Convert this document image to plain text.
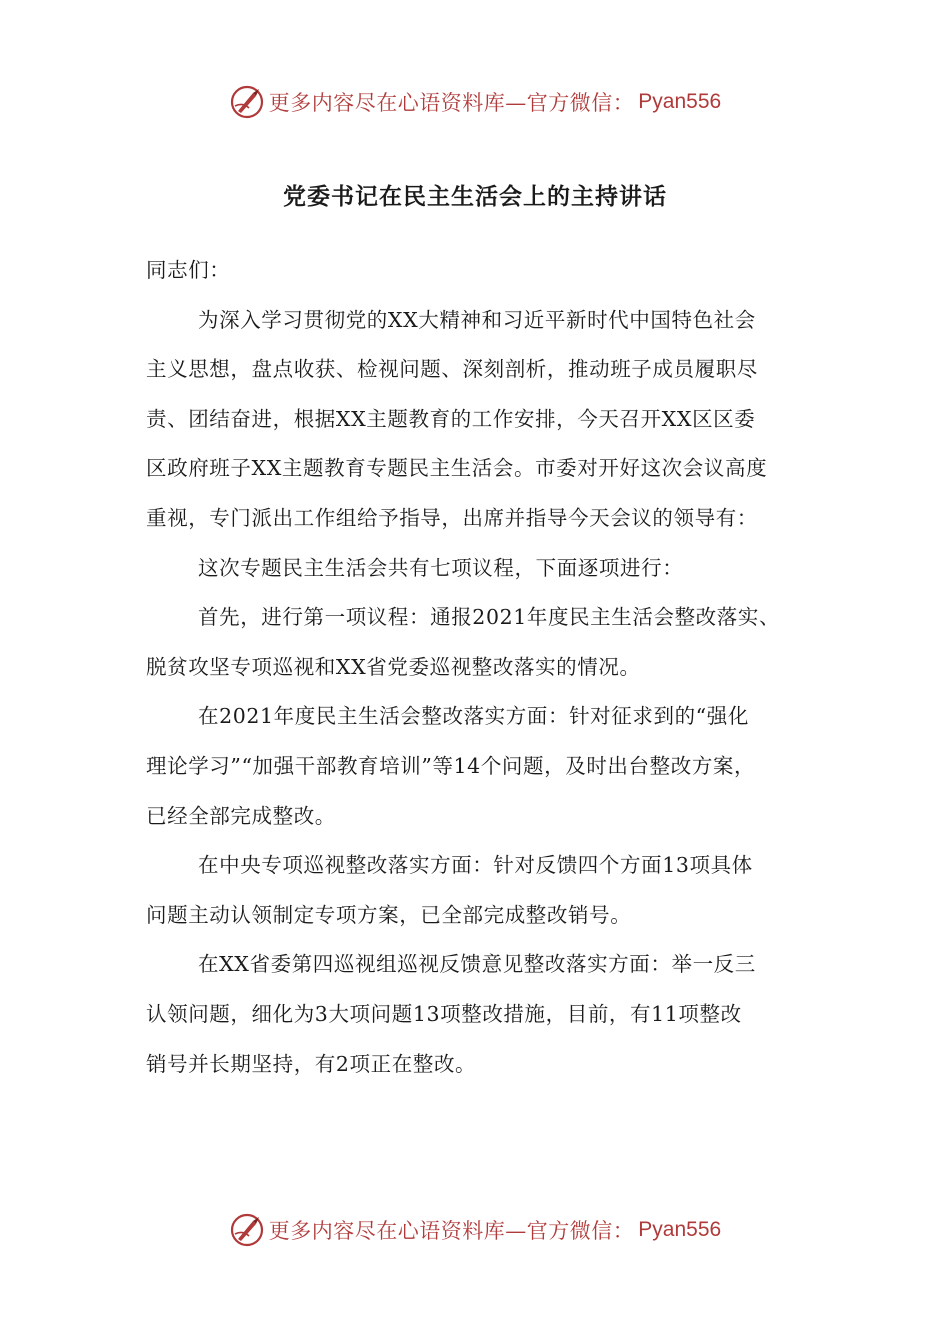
更多内容尽在心语资料库—官方微信： Pyan556
党委书记在民主生活会上的主持讲话
同志们：
为深入学习贯彻党的XX大精神和习近平新时代中国特色社会
主义思想，盘点收获、检视问题、深刻剖析，推动班子成员履职尽
责、团结奋进，根据XX主题教育的工作安排，今天召开XX区区委
区政府班子XX主题教育专题民主生活会。市委对开好这次会议高度
重视，专门派出工作组给予指导，出席并指导今天会议的领导有：
这次专题民主生活会共有七项议程，下面逐项进行：
首先，进行第一项议程：通报2021年度民主生活会整改落实、
脱贫攻坚专项巡视和XX省党委巡视整改落实的情况。
在2021年度民主生活会整改落实方面：针对征求到的“强化
理论学习”“加强干部教育培训”等14个问题，及时出台整改方案，
已经全部完成整改。
在中央专项巡视整改落实方面：针对反馈四个方面13项具体
问题主动认领制定专项方案，已全部完成整改销号。
在XX省委第四巡视组巡视反馈意见整改落实方面：举一反三
认领问题，细化为3大项问题13项整改措施，目前，有11项整改
销号并长期坚持，有2项正在整改。
更多内容尽在心语资料库—官方微信： Pyan556
